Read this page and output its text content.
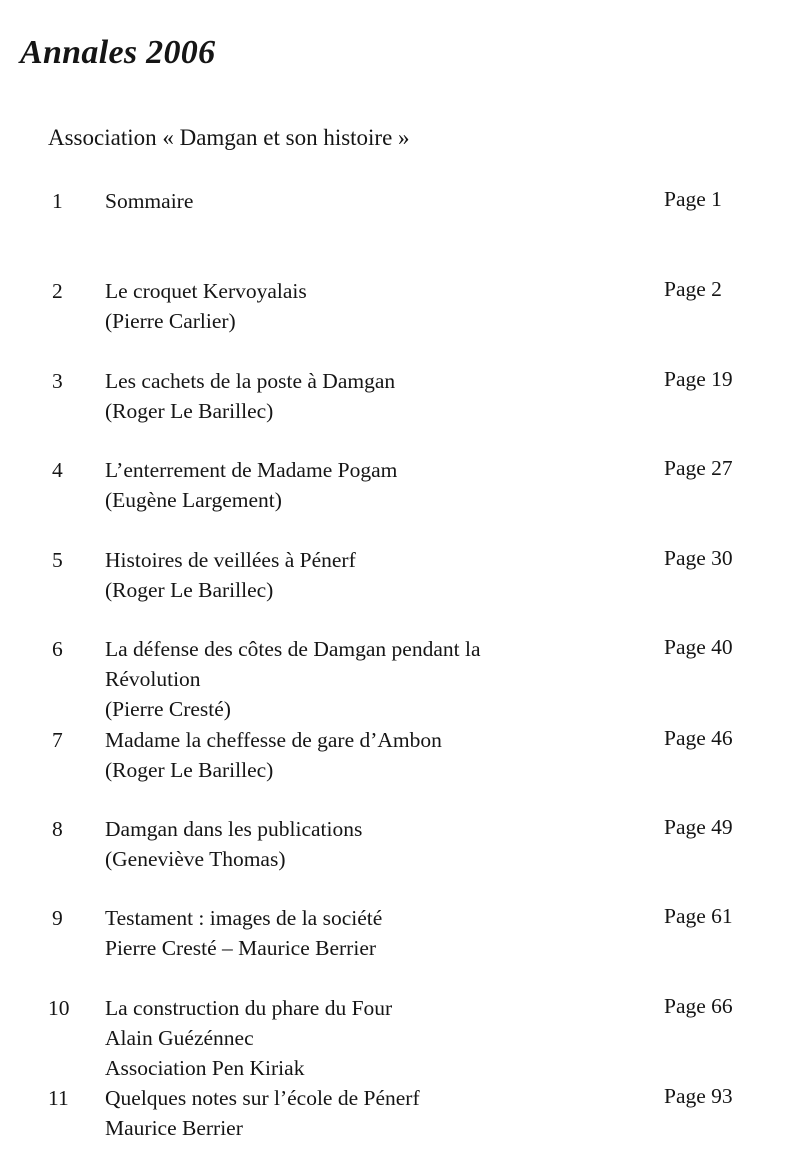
Annales 2006
Association « Damgan et son histoire »
1 Sommaire	Page 1
2 Le croquet Kervoyalais
(Pierre Carlier)
Page 2
3 Les cachets de la poste à Damgan
(Roger Le Barillec)
Page 19
4 L’enterrement de Madame Pogam
(Eugène Largement)
Page 27
5 Histoires de veillées à Pénerf
(Roger Le Barillec)
Page 30
6 La défense des côtes de Damgan pendant la
Révolution
(Pierre Cresté)
Page 40
7 Madame la cheffesse de gare d’Ambon
(Roger Le Barillec)
Page 46
8 Damgan dans les publications
(Geneviève Thomas)
Page 49
9 Testament : images de la société
Pierre Cresté – Maurice Berrier
Page 61
10 La construction du phare du Four
Alain Guézénnec
Association Pen Kiriak
Page 66
11 Quelques notes sur l’école de Pénerf
Maurice Berrier
Page 93
